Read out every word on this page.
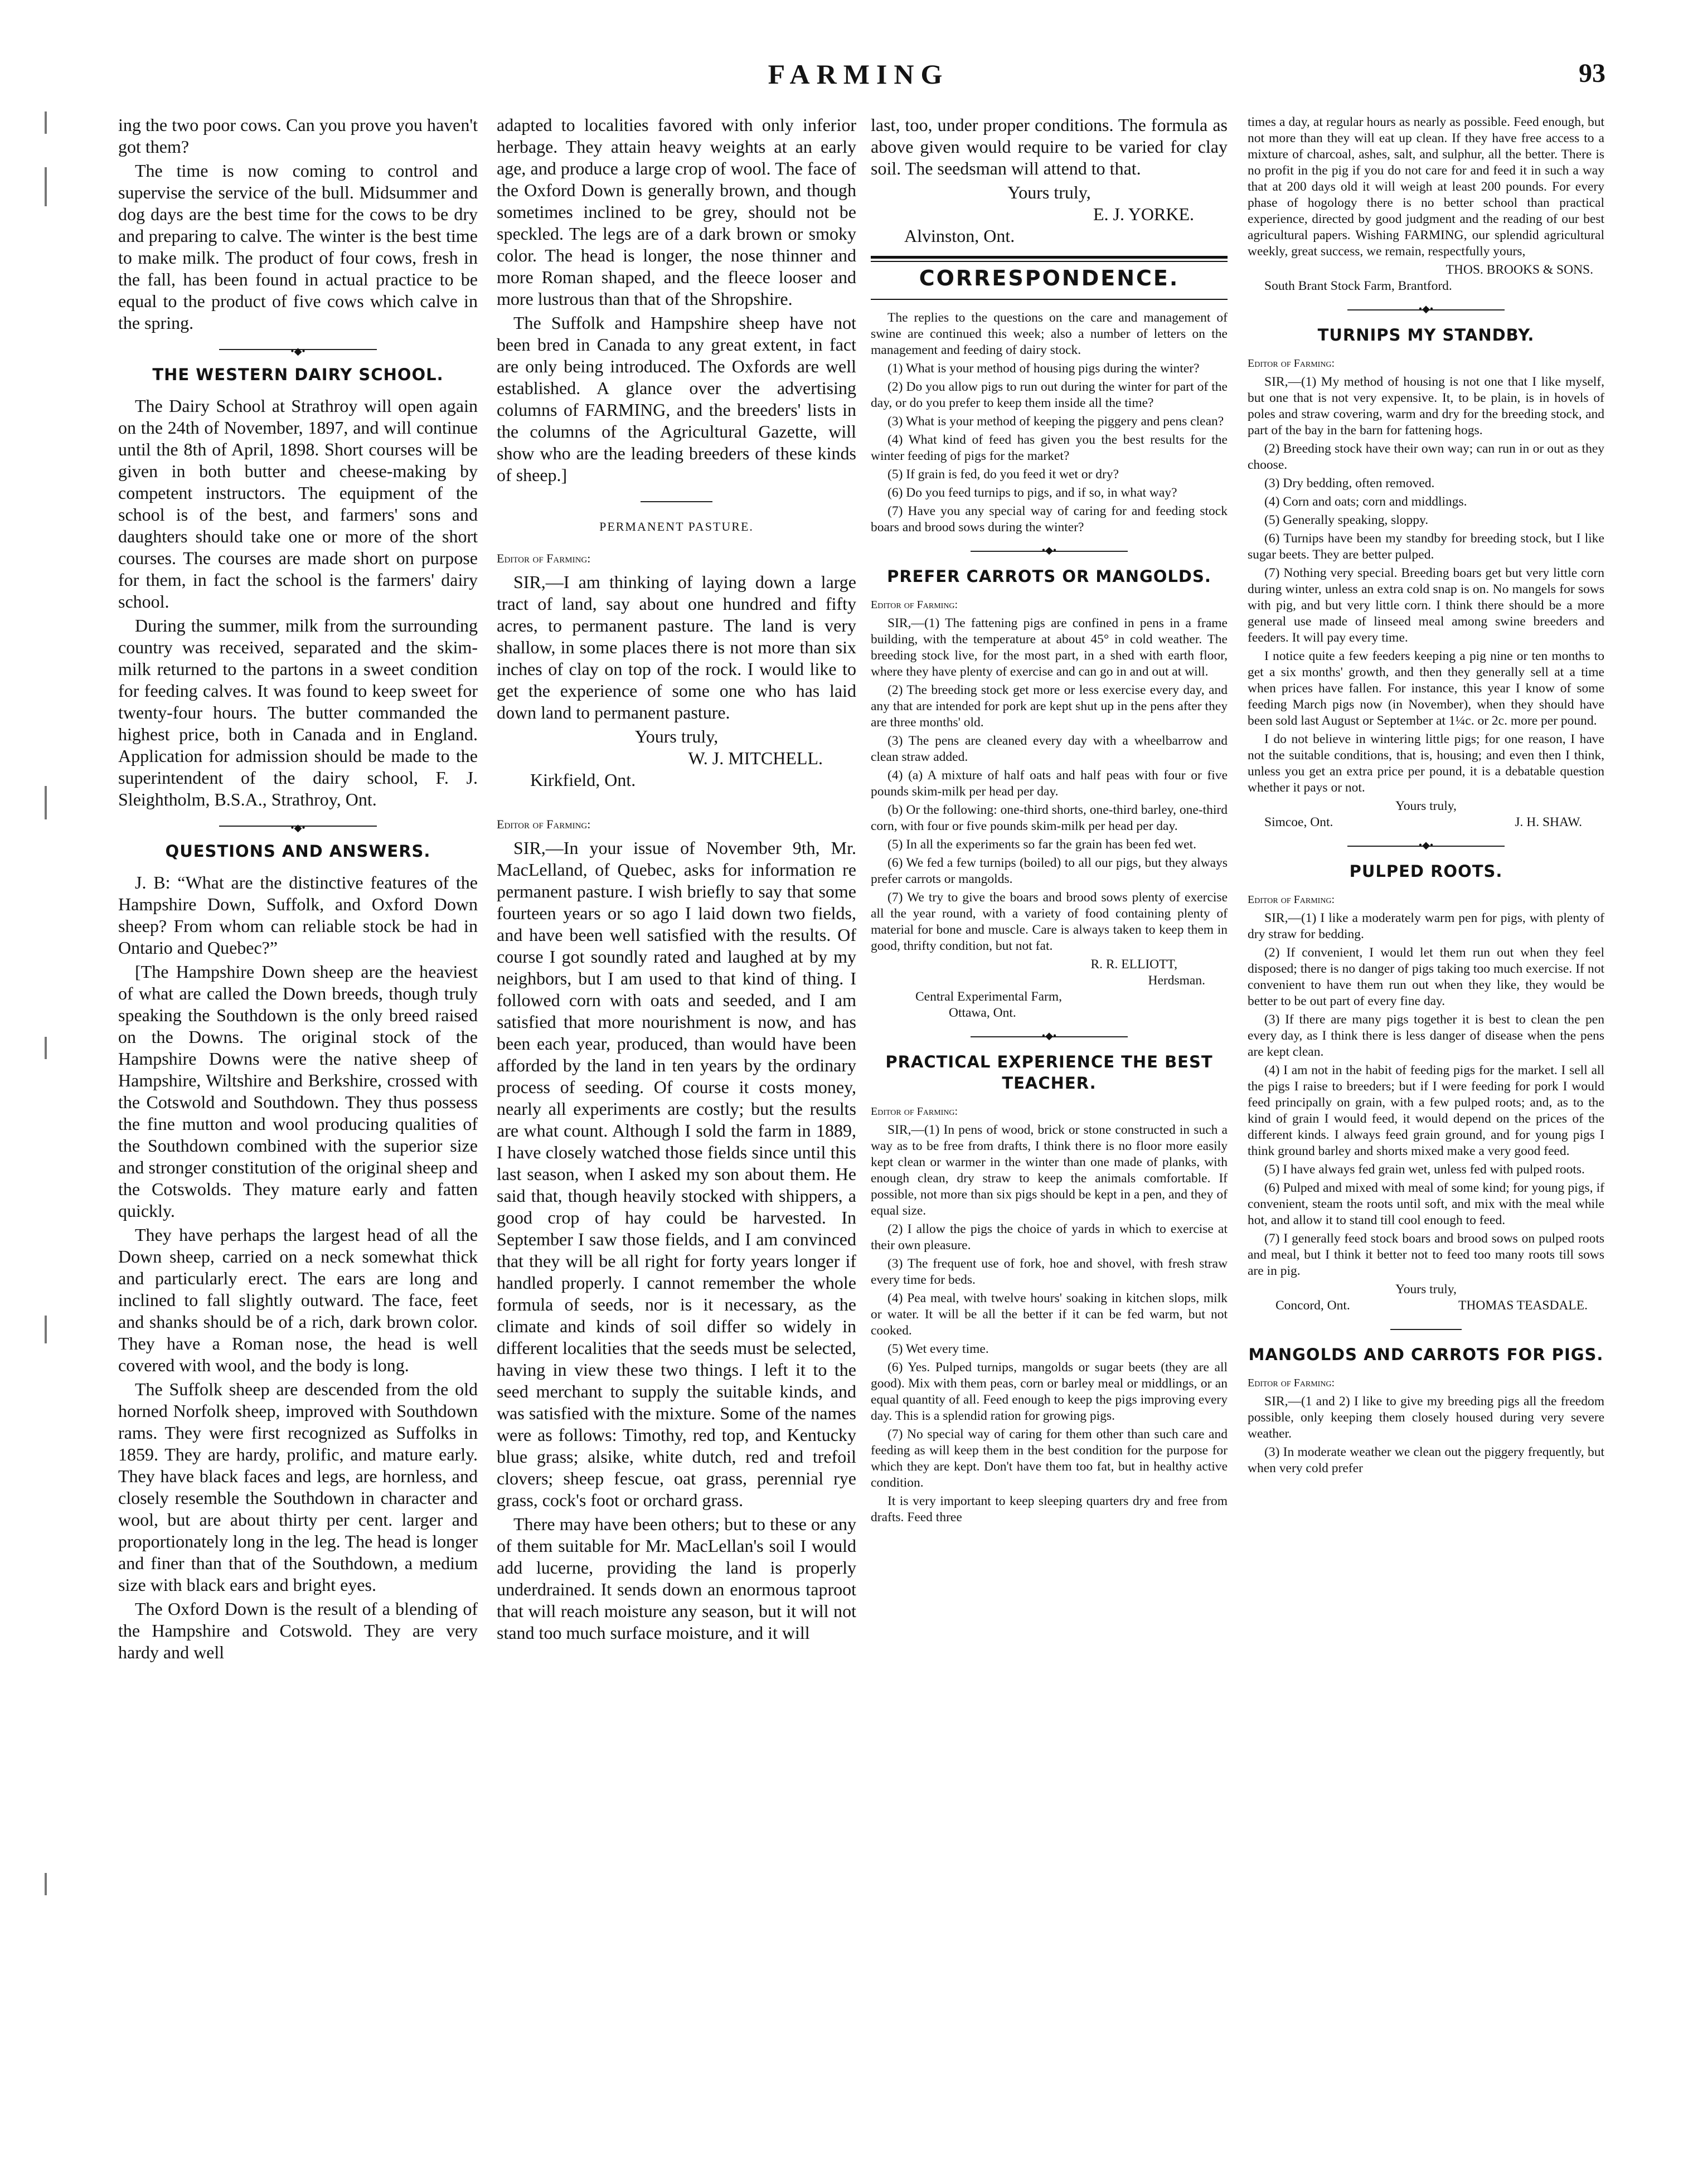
FARMING	93

ing the two poor cows. Can you prove you haven't got them?

The time is now coming to control and supervise the service of the bull. Midsummer and dog days are the best time for the cows to be dry and preparing to calve. The winter is the best time to make milk. The product of four cows, fresh in the fall, has been found in actual practice to be equal to the product of five cows which calve in the spring.

•◆•
THE WESTERN DAIRY SCHOOL.

The Dairy School at Strathroy will open again on the 24th of November, 1897, and will continue until the 8th of April, 1898. Short courses will be given in both butter and cheese-making by competent instructors. The equipment of the school is of the best, and farmers' sons and daughters should take one or more of the short courses. The courses are made short on purpose for them, in fact the school is the farmers' dairy school.

During the summer, milk from the surrounding country was received, separated and the skim-milk returned to the partons in a sweet condition for feeding calves. It was found to keep sweet for twenty-four hours. The butter commanded the highest price, both in Canada and in England. Application for admission should be made to the superintendent of the dairy school, F. J. Sleightholm, B.S.A., Strathroy, Ont.

•◆•
QUESTIONS AND ANSWERS.

J. B: “What are the distinctive features of the Hampshire Down, Suffolk, and Oxford Down sheep? From whom can reliable stock be had in Ontario and Quebec?”

[The Hampshire Down sheep are the heaviest of what are called the Down breeds, though truly speaking the Southdown is the only breed raised on the Downs. The original stock of the Hampshire Downs were the native sheep of Hampshire, Wiltshire and Berkshire, crossed with the Cotswold and Southdown. They thus possess the fine mutton and wool producing qualities of the Southdown combined with the superior size and stronger constitution of the original sheep and the Cotswolds. They mature early and fatten quickly.

They have perhaps the largest head of all the Down sheep, carried on a neck somewhat thick and particularly erect. The ears are long and inclined to fall slightly outward. The face, feet and shanks should be of a rich, dark brown color. They have a Roman nose, the head is well covered with wool, and the body is long.

The Suffolk sheep are descended from the old horned Norfolk sheep, improved with Southdown rams. They were first recognized as Suffolks in 1859. They are hardy, prolific, and mature early. They have black faces and legs, are hornless, and closely resemble the Southdown in character and wool, but are about thirty per cent. larger and proportionately long in the leg. The head is longer and finer than that of the Southdown, a medium size with black ears and bright eyes.

The Oxford Down is the result of a blending of the Hampshire and Cotswold. They are very hardy and well

adapted to localities favored with only inferior herbage. They attain heavy weights at an early age, and produce a large crop of wool. The face of the Oxford Down is generally brown, and though sometimes inclined to be grey, should not be speckled. The legs are of a dark brown or smoky color. The head is longer, the nose thinner and more Roman shaped, and the fleece looser and more lustrous than that of the Shropshire.

The Suffolk and Hampshire sheep have not been bred in Canada to any great extent, in fact are only being introduced. The Oxfords are well established. A glance over the advertising columns of FARMING, and the breeders' lists in the columns of the Agricultural Gazette, will show who are the leading breeders of these kinds of sheep.]

PERMANENT PASTURE.

Editor of Farming:

SIR,—I am thinking of laying down a large tract of land, say about one hundred and fifty acres, to permanent pasture. The land is very shallow, in some places there is not more than six inches of clay on top of the rock. I would like to get the experience of some one who has laid down land to permanent pasture.

Yours truly,

W. J. MITCHELL.

Kirkfield, Ont.

Editor of Farming:

SIR,—In your issue of November 9th, Mr. MacLelland, of Quebec, asks for information re permanent pasture. I wish briefly to say that some fourteen years or so ago I laid down two fields, and have been well satisfied with the results. Of course I got soundly rated and laughed at by my neighbors, but I am used to that kind of thing. I followed corn with oats and seeded, and I am satisfied that more nourishment is now, and has been each year, produced, than would have been afforded by the land in ten years by the ordinary process of seeding. Of course it costs money, nearly all experiments are costly; but the results are what count. Although I sold the farm in 1889, I have closely watched those fields since until this last season, when I asked my son about them. He said that, though heavily stocked with shippers, a good crop of hay could be harvested. In September I saw those fields, and I am convinced that they will be all right for forty years longer if handled properly. I cannot remember the whole formula of seeds, nor is it necessary, as the climate and kinds of soil differ so widely in different localities that the seeds must be selected, having in view these two things. I left it to the seed merchant to supply the suitable kinds, and was satisfied with the mixture. Some of the names were as follows: Timothy, red top, and Kentucky blue grass; alsike, white dutch, red and trefoil clovers; sheep fescue, oat grass, perennial rye grass, cock's foot or orchard grass.

There may have been others; but to these or any of them suitable for Mr. MacLellan's soil I would add lucerne, providing the land is properly underdrained. It sends down an enormous taproot that will reach moisture any season, but it will not stand too much surface moisture, and it will

last, too, under proper conditions. The formula as above given would require to be varied for clay soil. The seedsman will attend to that.

Yours truly,

E. J. YORKE.

Alvinston, Ont.

CORRESPONDENCE.

The replies to the questions on the care and management of swine are continued this week; also a number of letters on the management and feeding of dairy stock.

(1) What is your method of housing pigs during the winter?

(2) Do you allow pigs to run out during the winter for part of the day, or do you prefer to keep them inside all the time?

(3) What is your method of keeping the piggery and pens clean?

(4) What kind of feed has given you the best results for the winter feeding of pigs for the market?

(5) If grain is fed, do you feed it wet or dry?

(6) Do you feed turnips to pigs, and if so, in what way?

(7) Have you any special way of caring for and feeding stock boars and brood sows during the winter?

•◆•
PREFER CARROTS OR MANGOLDS.

Editor of Farming:

SIR,—(1) The fattening pigs are confined in pens in a frame building, with the temperature at about 45° in cold weather. The breeding stock live, for the most part, in a shed with earth floor, where they have plenty of exercise and can go in and out at will.

(2) The breeding stock get more or less exercise every day, and any that are intended for pork are kept shut up in the pens after they are three months' old.

(3) The pens are cleaned every day with a wheelbarrow and clean straw added.

(4) (a) A mixture of half oats and half peas with four or five pounds skim-milk per head per day.

(b) Or the following: one-third shorts, one-third barley, one-third corn, with four or five pounds skim-milk per head per day.

(5) In all the experiments so far the grain has been fed wet.

(6) We fed a few turnips (boiled) to all our pigs, but they always prefer carrots or mangolds.

(7) We try to give the boars and brood sows plenty of exercise all the year round, with a variety of food containing plenty of material for bone and muscle. Care is always taken to keep them in good, thrifty condition, but not fat.

R. R. ELLIOTT,

Herdsman.

Central Experimental Farm,

Ottawa, Ont.

•◆•
PRACTICAL EXPERIENCE THE BEST TEACHER.

Editor of Farming:

SIR,—(1) In pens of wood, brick or stone constructed in such a way as to be free from drafts, I think there is no floor more easily kept clean or warmer in the winter than one made of planks, with enough clean, dry straw to keep the animals comfortable. If possible, not more than six pigs should be kept in a pen, and they of equal size.

(2) I allow the pigs the choice of yards in which to exercise at their own pleasure.

(3) The frequent use of fork, hoe and shovel, with fresh straw every time for beds.

(4) Pea meal, with twelve hours' soaking in kitchen slops, milk or water. It will be all the better if it can be fed warm, but not cooked.

(5) Wet every time.

(6) Yes. Pulped turnips, mangolds or sugar beets (they are all good). Mix with them peas, corn or barley meal or middlings, or an equal quantity of all. Feed enough to keep the pigs improving every day. This is a splendid ration for growing pigs.

(7) No special way of caring for them other than such care and feeding as will keep them in the best condition for the purpose for which they are kept. Don't have them too fat, but in healthy active condition.

It is very important to keep sleeping quarters dry and free from drafts. Feed three

times a day, at regular hours as nearly as possible. Feed enough, but not more than they will eat up clean. If they have free access to a mixture of charcoal, ashes, salt, and sulphur, all the better. There is no profit in the pig if you do not care for and feed it in such a way that at 200 days old it will weigh at least 200 pounds. For every phase of hogology there is no better school than practical experience, directed by good judgment and the reading of our best agricultural papers. Wishing FARMING, our splendid agricultural weekly, great success, we remain, respectfully yours,

THOS. BROOKS & SONS.

South Brant Stock Farm, Brantford.

•◆•
TURNIPS MY STANDBY.

Editor of Farming:

SIR,—(1) My method of housing is not one that I like myself, but one that is not very expensive. It, to be plain, is in hovels of poles and straw covering, warm and dry for the breeding stock, and part of the bay in the barn for fattening hogs.

(2) Breeding stock have their own way; can run in or out as they choose.

(3) Dry bedding, often removed.

(4) Corn and oats; corn and middlings.

(5) Generally speaking, sloppy.

(6) Turnips have been my standby for breeding stock, but I like sugar beets. They are better pulped.

(7) Nothing very special. Breeding boars get but very little corn during winter, unless an extra cold snap is on. No mangels for sows with pig, and but very little corn. I think there should be a more general use made of linseed meal among swine breeders and feeders. It will pay every time.

I notice quite a few feeders keeping a pig nine or ten months to get a six months' growth, and then they generally sell at a time when prices have fallen. For instance, this year I know of some feeding March pigs now (in November), when they should have been sold last August or September at 1¼c. or 2c. more per pound.

I do not believe in wintering little pigs; for one reason, I have not the suitable conditions, that is, housing; and even then I think, unless you get an extra price per pound, it is a debatable question whether it pays or not.

Yours truly,

Simcoe, Ont.	J. H. SHAW.
•◆•
PULPED ROOTS.

Editor of Farming:

SIR,—(1) I like a moderately warm pen for pigs, with plenty of dry straw for bedding.

(2) If convenient, I would let them run out when they feel disposed; there is no danger of pigs taking too much exercise. If not convenient to have them run out when they like, they would be better to be out part of every fine day.

(3) If there are many pigs together it is best to clean the pen every day, as I think there is less danger of disease when the pens are kept clean.

(4) I am not in the habit of feeding pigs for the market. I sell all the pigs I raise to breeders; but if I were feeding for pork I would feed principally on grain, with a few pulped roots; and, as to the kind of grain I would feed, it would depend on the prices of the different kinds. I always feed grain ground, and for young pigs I think ground barley and shorts mixed make a very good feed.

(5) I have always fed grain wet, unless fed with pulped roots.

(6) Pulped and mixed with meal of some kind; for young pigs, if convenient, steam the roots until soft, and mix with the meal while hot, and allow it to stand till cool enough to feed.

(7) I generally feed stock boars and brood sows on pulped roots and meal, but I think it better not to feed too many roots till sows are in pig.

Yours truly,

Concord, Ont.	THOMAS TEASDALE.
MANGOLDS AND CARROTS FOR PIGS.

Editor of Farming:

SIR,—(1 and 2) I like to give my breeding pigs all the freedom possible, only keeping them closely housed during very severe weather.

(3) In moderate weather we clean out the piggery frequently, but when very cold prefer
